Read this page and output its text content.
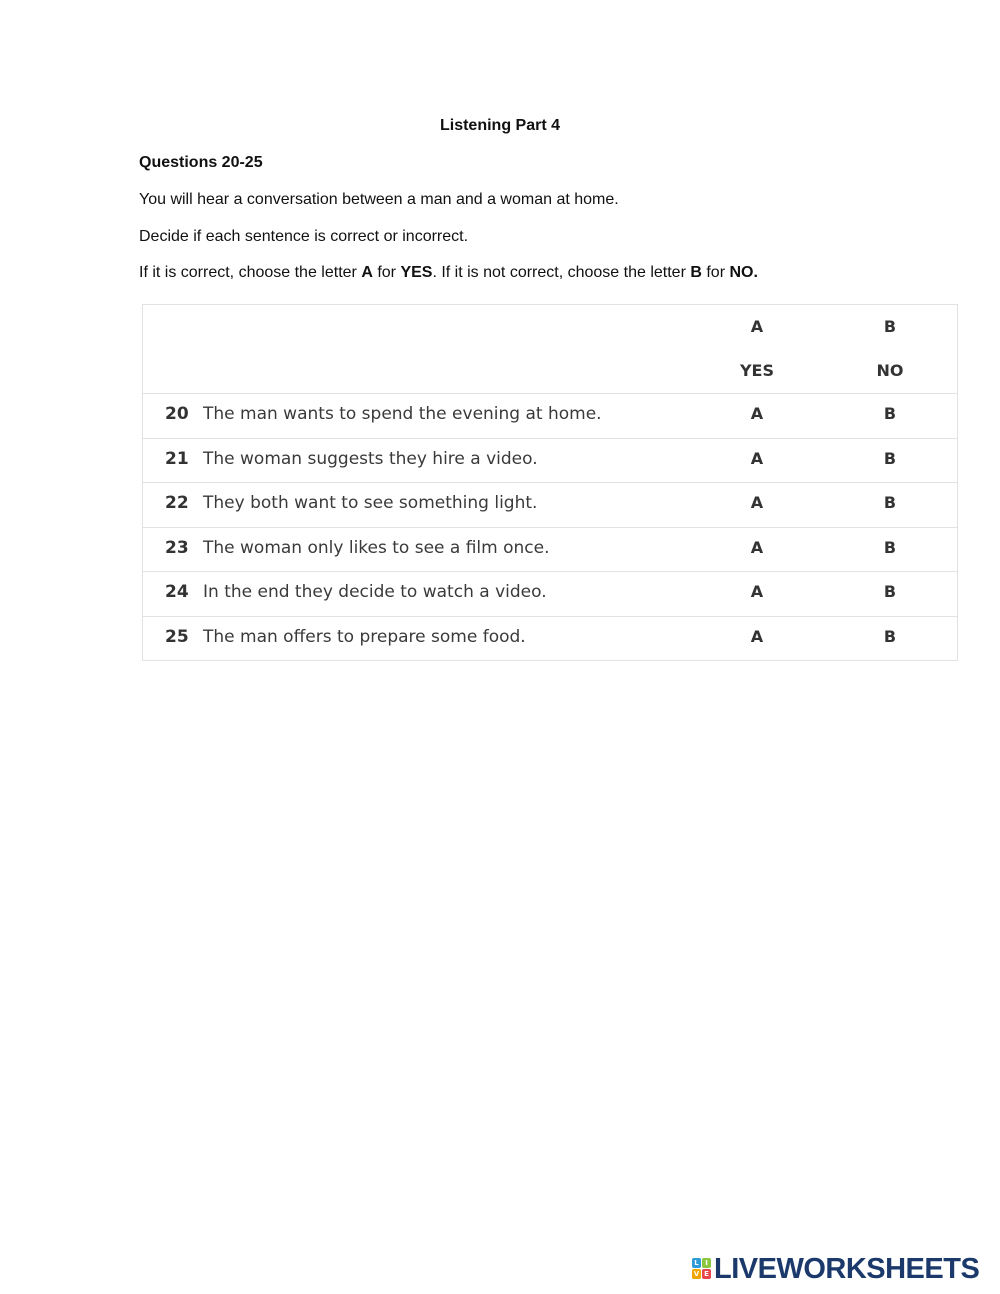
Listening Part 4
Questions 20-25
You will hear a conversation between a man and a woman at home.
Decide if each sentence is correct or incorrect.
If it is correct, choose the letter A for YES. If it is not correct, choose the letter B for NO.
A	B
YES	NO
20 The man wants to spend the evening at home.	A	B
21 The woman suggests they hire a video.	A	B
22 They both want to see something light.	A	B
23 The woman only likes to see a film once.	A	B
24 In the end they decide to watch a video.	A	B
25 The man offers to prepare some food.	A	B
L I
V E LIVEWORKSHEETS
